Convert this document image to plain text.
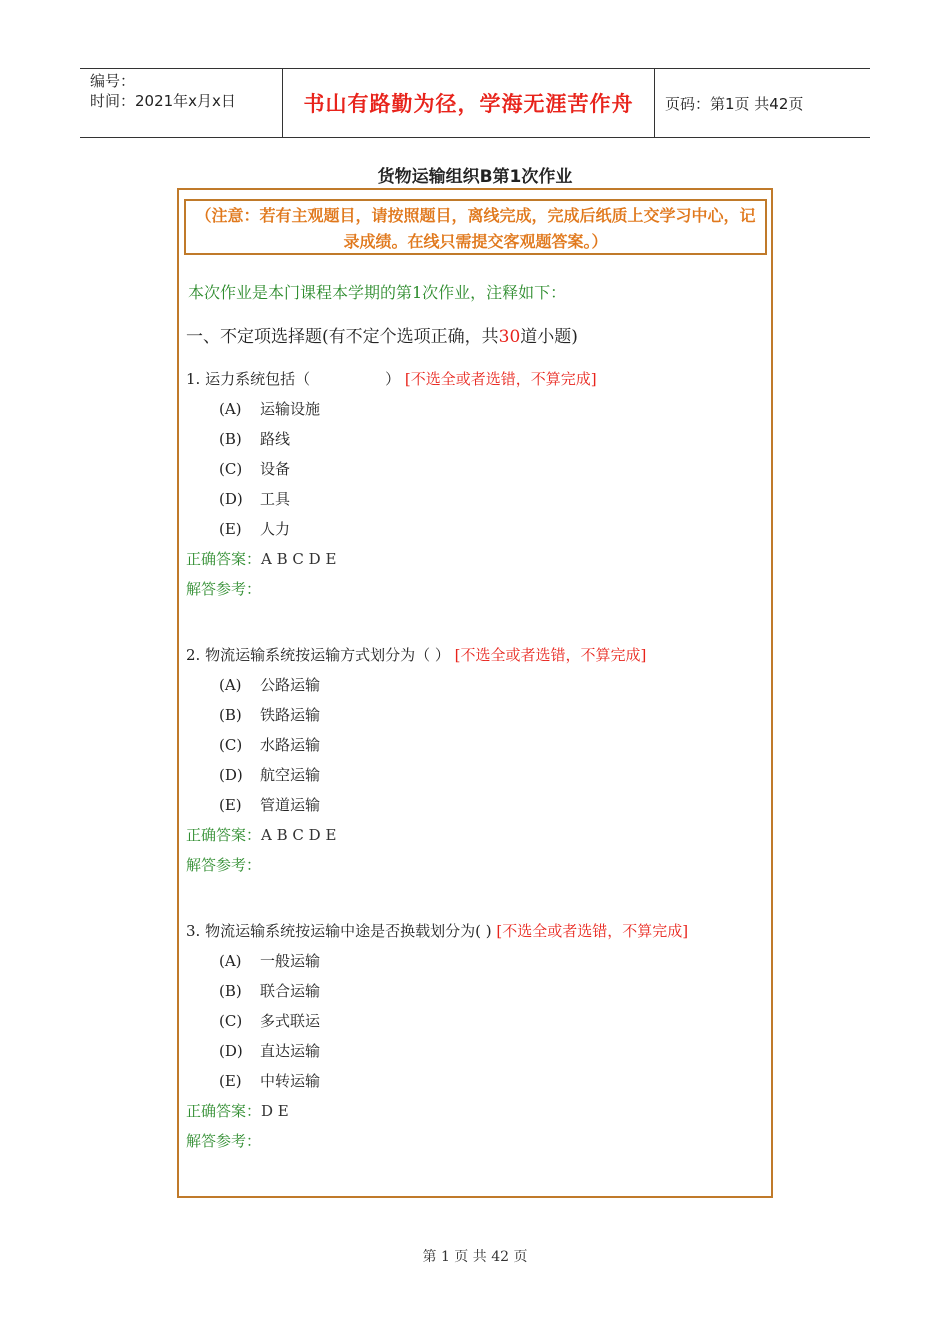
编号：
时间：2021年x月x日	书山有路勤为径，学海无涯苦作舟	页码：第1页 共42页
货物运输组织B第1次作业
（注意：若有主观题目，请按照题目，离线完成，完成后纸质上交学习中心，记录成绩。在线只需提交客观题答案。）
本次作业是本门课程本学期的第1次作业，注释如下：
一、不定项选择题(有不定个选项正确，共30道小题)
1. 运力系统包括（　　　　　） [不选全或者选错，不算完成]
(A) 运输设施
(B) 路线
(C) 设备
(D) 工具
(E) 人力
正确答案：A B C D E
解答参考：
2. 物流运输系统按运输方式划分为（ ） [不选全或者选错，不算完成]
(A) 公路运输
(B) 铁路运输
(C) 水路运输
(D) 航空运输
(E) 管道运输
正确答案：A B C D E
解答参考：
3. 物流运输系统按运输中途是否换载划分为( ) [不选全或者选错，不算完成]
(A) 一般运输
(B) 联合运输
(C) 多式联运
(D) 直达运输
(E) 中转运输
正确答案：D E
解答参考：
第 1 页 共 42 页
